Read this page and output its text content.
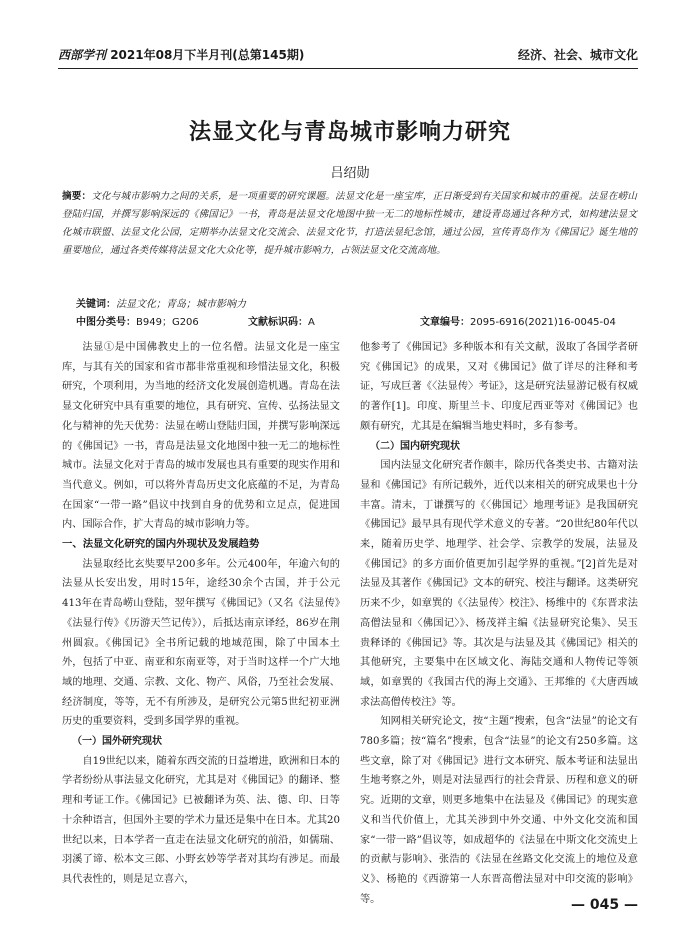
西部学刊 2021年08月下半月刊(总第145期)	经济、社会、城市文化
法显文化与青岛城市影响力研究
吕绍勋
摘要：文化与城市影响力之间的关系，是一项重要的研究课题。法显文化是一座宝库，正日渐受到有关国家和城市的重视。法显在崂山登陆归国，并撰写影响深远的《佛国记》一书，青岛是法显文化地图中独一无二的地标性城市，建设青岛通过各种方式，如构建法显文化城市联盟、法显文化公园，定期举办法显文化交流会、法显文化节，打造法显纪念馆，通过公园，宣传青岛作为《佛国记》诞生地的重要地位，通过各类传媒将法显文化大众化等，提升城市影响力，占领法显文化交流高地。
关键词：法显文化；青岛；城市影响力
中图分类号：B949；G206	文献标识码：A	文章编号：2095-6916(2021)16-0045-04

法显①是中国佛教史上的一位名僧。法显文化是一座宝库，与其有关的国家和省市都非常重视和珍惜法显文化，积极研究，个项利用，为当地的经济文化发展创造机遇。青岛在法显文化研究中具有重要的地位，具有研究、宣传、弘扬法显文化与精神的先天优势：法显在崂山登陆归国，并撰写影响深远的《佛国记》一书，青岛是法显文化地图中独一无二的地标性城市。法显文化对于青岛的城市发展也具有重要的现实作用和当代意义。例如，可以将外青岛历史文化底蕴的不足，为青岛在国家“一带一路”倡议中找到自身的优势和立足点，促进国内、国际合作，扩大青岛的城市影响力等。

一、法显文化研究的国内外现状及发展趋势

法显取经比玄奘要早200多年。公元400年，年逾六旬的法显从长安出发，用时15年，途经30余个古国，并于公元413年在青岛崂山登陆，翌年撰写《佛国记》（又名《法显传》《法显行传》《历游天竺记传》），后抵达南京译经，86岁在荆州圆寂。《佛国记》全书所记载的地域范围，除了中国本土外，包括了中亚、南亚和东南亚等，对于当时这样一个广大地域的地理、交通、宗教、文化、物产、风俗，乃至社会发展、经济制度，等等，无不有所涉及，是研究公元第5世纪初亚洲历史的重要资料，受到多国学界的重视。

（一）国外研究现状

自19世纪以来，随着东西交流的日益增进，欧洲和日本的学者纷纷从事法显文化研究，尤其是对《佛国记》的翻译、整理和考证工作。《佛国记》已被翻译为英、法、德、印、日等十余种语言，但国外主要的学术力量还是集中在日本。尤其20世纪以来，日本学者一直走在法显文化研究的前沿，如儒瑞、羽溪了谛、松本文三郎、小野玄妙等学者对其均有涉足。而最具代表性的，则是足立喜六，

他参考了《佛国记》多种版本和有关文献，汲取了各国学者研究《佛国记》的成果，又对《佛国记》做了详尽的注释和考证，写成巨著《〈法显传〉考证》，这是研究法显游记极有权威的著作[1]。印度、斯里兰卡、印度尼西亚等对《佛国记》也颇有研究，尤其是在编辑当地史料时，多有参考。

（二）国内研究现状

国内法显文化研究者作颇丰，除历代各类史书、古籍对法显和《佛国记》有所记载外，近代以来相关的研究成果也十分丰富。清末，丁谦撰写的《〈佛国记〉地理考证》是我国研究《佛国记》最早具有现代学术意义的专著。“20世纪80年代以来，随着历史学、地理学、社会学、宗教学的发展，法显及《佛国记》的多方面价值更加引起学界的重视。”[2]首先是对法显及其著作《佛国记》文本的研究、校注与翻译。这类研究历来不少，如章巽的《〈法显传〉校注》、杨维中的《东晋求法高僧法显和〈佛国记〉》、杨茂祥主编《法显研究论集》、吴玉贵释译的《佛国记》等。其次是与法显及其《佛国记》相关的其他研究，主要集中在区域文化、海陆交通和人物传记等领域，如章巽的《我国古代的海上交通》、王邦维的《大唐西域求法高僧传校注》等。

知网相关研究论文，按“主题”搜索，包含“法显”的论文有780多篇；按“篇名”搜索，包含“法显”的论文有250多篇。这些文章，除了对《佛国记》进行文本研究、版本考证和法显出生地考察之外，则是对法显西行的社会背景、历程和意义的研究。近期的文章，则更多地集中在法显及《佛国记》的现实意义和当代价值上，尤其关涉到中外交通、中外文化交流和国家“一带一路”倡议等，如成超华的《法显在中斯文化交流史上的贡献与影响》、张浩的《法显在丝路文化交流上的地位及意义》、杨艳的《西游第一人东晋高僧法显对中印交流的影响》等。	— 045 —
